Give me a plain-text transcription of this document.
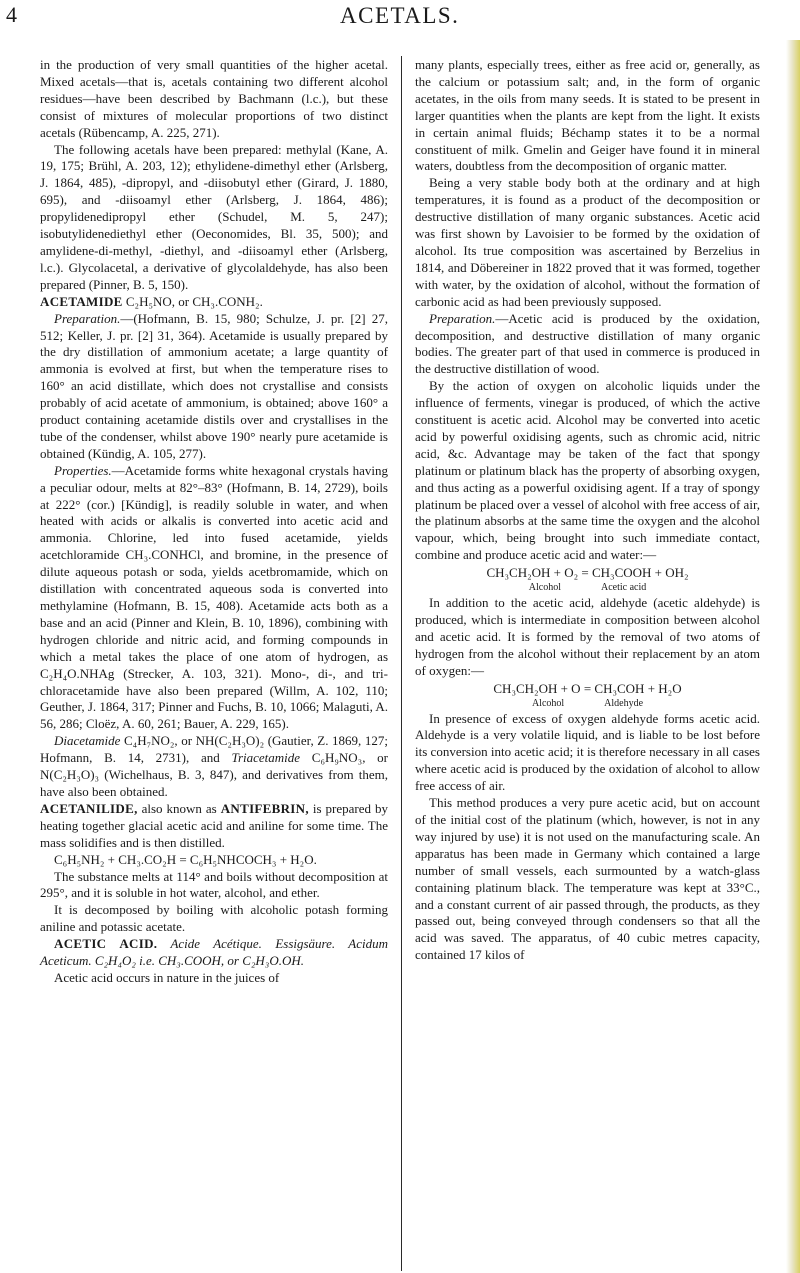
4	ACETALS.

in the production of very small quantities of the higher acetal. Mixed acetals—that is, acetals containing two different alcohol residues—have been described by Bachmann (l.c.), but these consist of mixtures of molecular proportions of two distinct acetals (Rübencamp, A. 225, 271).

The following acetals have been prepared: methylal (Kane, A. 19, 175; Brühl, A. 203, 12); ethylidene-dimethyl ether (Arlsberg, J. 1864, 485), -dipropyl, and -diisobutyl ether (Girard, J. 1880, 695), and -diisoamyl ether (Arlsberg, J. 1864, 486); propylidenedipropyl ether (Schudel, M. 5, 247); isobutylidenediethyl ether (Oeconomides, Bl. 35, 500); and amylidene-di-methyl, -diethyl, and -diisoamyl ether (Arlsberg, l.c.). Glycolacetal, a derivative of glycolaldehyde, has also been prepared (Pinner, B. 5, 150).

ACETAMIDE C₂H₅NO, or CH₃.CONH₂.

Preparation.—(Hofmann, B. 15, 980; Schulze, J. pr. [2] 27, 512; Keller, J. pr. [2] 31, 364). Acetamide is usually prepared by the dry distillation of ammonium acetate; a large quantity of ammonia is evolved at first, but when the temperature rises to 160° an acid distillate, which does not crystallise and consists probably of acid acetate of ammonium, is obtained; above 160° a product containing acetamide distils over and crystallises in the tube of the condenser, whilst above 190° nearly pure acetamide is obtained (Kündig, A. 105, 277).

Properties.—Acetamide forms white hexagonal crystals having a peculiar odour, melts at 82°–83° (Hofmann, B. 14, 2729), boils at 222° (cor.) [Kündig], is readily soluble in water, and when heated with acids or alkalis is converted into acetic acid and ammonia. Chlorine, led into fused acetamide, yields acetchloramide CH₃.CONHCl, and bromine, in the presence of dilute aqueous potash or soda, yields acetbromamide, which on distillation with concentrated aqueous soda is converted into methylamine (Hofmann, B. 15, 408). Acetamide acts both as a base and an acid (Pinner and Klein, B. 10, 1896), combining with hydrogen chloride and nitric acid, and forming compounds in which a metal takes the place of one atom of hydrogen, as C₂H₄O.NHAg (Strecker, A. 103, 321). Mono-, di-, and tri-chloracetamide have also been prepared (Willm, A. 102, 110; Geuther, J. 1864, 317; Pinner and Fuchs, B. 10, 1066; Malaguti, A. 56, 286; Cloëz, A. 60, 261; Bauer, A. 229, 165).

Diacetamide C₄H₇NO₂, or NH(C₂H₃O)₂ (Gautier, Z. 1869, 127; Hofmann, B. 14, 2731), and Triacetamide C₆H₉NO₃, or N(C₂H₃O)₃ (Wichelhaus, B. 3, 847), and derivatives from them, have also been obtained.

ACETANILIDE, also known as ANTIFEBRIN, is prepared by heating together glacial acetic acid and aniline for some time. The mass solidifies and is then distilled.

C₆H₅NH₂ + CH₃.CO₂H = C₆H₅NHCOCH₃ + H₂O.

The substance melts at 114° and boils without decomposition at 295°, and it is soluble in hot water, alcohol, and ether.

It is decomposed by boiling with alcoholic potash forming aniline and potassic acetate.

ACETIC ACID. Acide Acétique. Essigsäure. Acidum Aceticum. C₂H₄O₂ i.e. CH₃.COOH, or C₂H₃O.OH.

Acetic acid occurs in nature in the juices of

many plants, especially trees, either as free acid or, generally, as the calcium or potassium salt; and, in the form of organic acetates, in the oils from many seeds. It is stated to be present in larger quantities when the plants are kept from the light. It exists in certain animal fluids; Béchamp states it to be a normal constituent of milk. Gmelin and Geiger have found it in mineral waters, doubtless from the decomposition of organic matter.

Being a very stable body both at the ordinary and at high temperatures, it is found as a product of the decomposition or destructive distillation of many organic substances. Acetic acid was first shown by Lavoisier to be formed by the oxidation of alcohol. Its true composition was ascertained by Berzelius in 1814, and Döbereiner in 1822 proved that it was formed, together with water, by the oxidation of alcohol, without the formation of carbonic acid as had been previously supposed.

Preparation.—Acetic acid is produced by the oxidation, decomposition, and destructive distillation of many organic bodies. The greater part of that used in commerce is produced in the destructive distillation of wood.

By the action of oxygen on alcoholic liquids under the influence of ferments, vinegar is produced, of which the active constituent is acetic acid. Alcohol may be converted into acetic acid by powerful oxidising agents, such as chromic acid, nitric acid, &c. Advantage may be taken of the fact that spongy platinum or platinum black has the property of absorbing oxygen, and thus acting as a powerful oxidising agent. If a tray of spongy platinum be placed over a vessel of alcohol with free access of air, the platinum absorbs at the same time the oxygen and the alcohol vapour, which, being brought into such immediate contact, combine and produce acetic acid and water:—

CH₃CH₂OH + O₂ = CH₃COOH + OH₂

Alcohol	Acetic acid

In addition to the acetic acid, aldehyde (acetic aldehyde) is produced, which is intermediate in composition between alcohol and acetic acid. It is formed by the removal of two atoms of hydrogen from the alcohol without their replacement by an atom of oxygen:—

CH₃CH₂OH + O = CH₃COH + H₂O

Alcohol	Aldehyde

In presence of excess of oxygen aldehyde forms acetic acid. Aldehyde is a very volatile liquid, and is liable to be lost before its conversion into acetic acid; it is therefore necessary in all cases where acetic acid is produced by the oxidation of alcohol to allow free access of air.

This method produces a very pure acetic acid, but on account of the initial cost of the platinum (which, however, is not in any way injured by use) it is not used on the manufacturing scale. An apparatus has been made in Germany which contained a large number of small vessels, each surmounted by a watch-glass containing platinum black. The temperature was kept at 33°C., and a constant current of air passed through, the products, as they passed out, being conveyed through condensers so that all the acid was saved. The apparatus, of 40 cubic metres capacity, contained 17 kilos of
